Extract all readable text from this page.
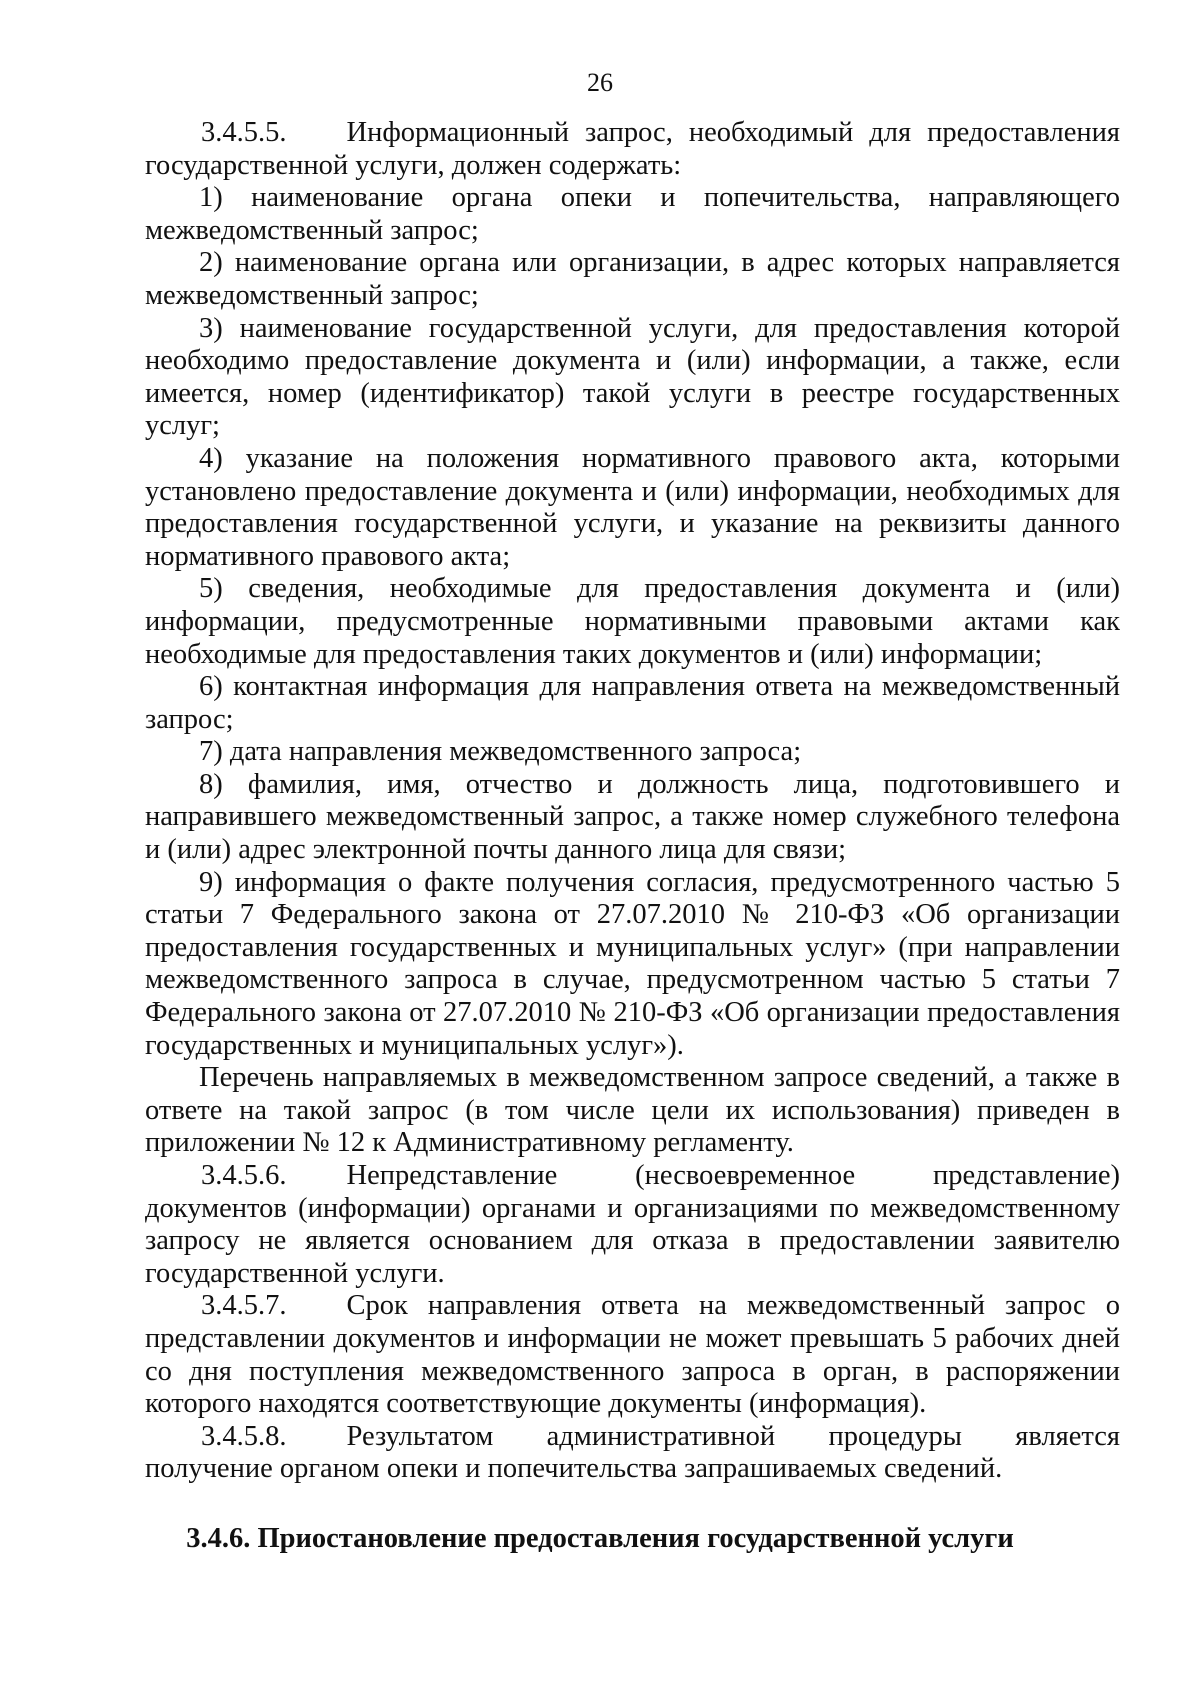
26
3.4.5.5. Информационный запрос, необходимый для предоставления

государственной услуги, должен содержать:

1) наименование органа опеки и попечительства, направляющего межведомственный запрос;

2) наименование органа или организации, в адрес которых направляется межведомственный запрос;

3) наименование государственной услуги, для предоставления которой необходимо предоставление документа и (или) информации, а также, если имеется, номер (идентификатор) такой услуги в реестре государственных услуг;

4) указание на положения нормативного правового акта, которыми установлено предоставление документа и (или) информации, необходимых для предоставления государственной услуги, и указание на реквизиты данного нормативного правового акта;

5) сведения, необходимые для предоставления документа и (или) информации, предусмотренные нормативными правовыми актами как необходимые для предоставления таких документов и (или) информации;

6) контактная информация для направления ответа на межведомственный запрос;

7) дата направления межведомственного запроса;

8) фамилия, имя, отчество и должность лица, подготовившего и направившего межведомственный запрос, а также номер служебного телефона и (или) адрес электронной почты данного лица для связи;

9) информация о факте получения согласия, предусмотренного частью 5 статьи 7 Федерального закона от 27.07.2010 № 210-ФЗ «Об организации предоставления государственных и муниципальных услуг» (при направлении межведомственного запроса в случае, предусмотренном частью 5 статьи 7 Федерального закона от 27.07.2010 № 210-ФЗ «Об организации предоставления государственных и муниципальных услуг»).

Перечень направляемых в межведомственном запросе сведений, а также в ответе на такой запрос (в том числе цели их использования) приведен в приложении № 12 к Административному регламенту.

3.4.5.6. Непредставление (несвоевременное представление)

документов (информации) органами и организациями по межведомственному запросу не является основанием для отказа в предоставлении заявителю государственной услуги.

3.4.5.7. Срок направления ответа на межведомственный запрос о

представлении документов и информации не может превышать 5 рабочих дней со дня поступления межведомственного запроса в орган, в распоряжении которого находятся соответствующие документы (информация).

3.4.5.8. Результатом административной процедуры является

получение органом опеки и попечительства запрашиваемых сведений.

3.4.6. Приостановление предоставления государственной услуги
